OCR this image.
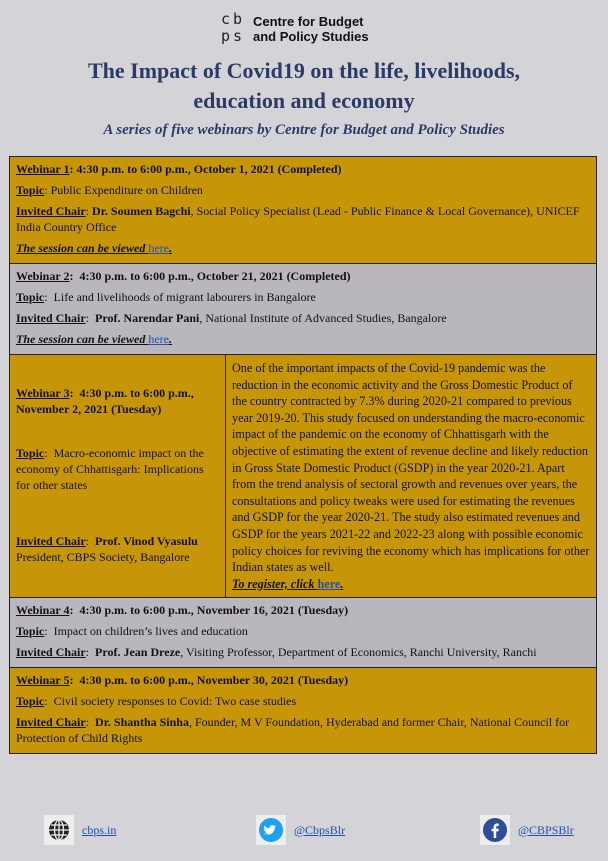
c b
p s
Centre for Budget
and Policy Studies
The Impact of Covid19 on the life, livelihoods,
education and economy
A series of five webinars by Centre for Budget and Policy Studies
Webinar 1: 4:30 p.m. to 6:00 p.m., October 1, 2021 (Completed)
Topic: Public Expenditure on Children
Invited Chair: Dr. Soumen Bagchi, Social Policy Specialist (Lead - Public Finance & Local Governance), UNICEF India Country Office
The session can be viewed here.
Webinar 2:  4:30 p.m. to 6:00 p.m., October 21, 2021 (Completed)
Topic:  Life and livelihoods of migrant labourers in Bangalore
Invited Chair:  Prof. Narendar Pani, National Institute of Advanced Studies, Bangalore
The session can be viewed here.
Webinar 3:  4:30 p.m. to 6:00 p.m., November 2, 2021 (Tuesday)
Topic:  Macro-economic impact on the economy of Chhattisgarh: Implications for other states
Invited Chair:  Prof. Vinod Vyasulu
President, CBPS Society, Bangalore
One of the important impacts of the Covid-19 pandemic was the reduction in the economic activity and the Gross Domestic Product of the country contracted by 7.3% during 2020-21 compared to previous year 2019-20. This study focused on understanding the macro-economic impact of the pandemic on the economy of Chhattisgarh with the objective of estimating the extent of revenue decline and likely reduction in Gross State Domestic Product (GSDP) in the year 2020-21. Apart from the trend analysis of sectoral growth and revenues over years, the consultations and policy tweaks were used for estimating the revenues and GSDP for the year 2020-21. The study also estimated revenues and GSDP for the years 2021-22 and 2022-23 along with possible economic policy choices for reviving the economy which has implications for other Indian states as well.
To register, click here.
Webinar 4:  4:30 p.m. to 6:00 p.m., November 16, 2021 (Tuesday)
Topic:  Impact on children’s lives and education
Invited Chair:  Prof. Jean Dreze, Visiting Professor, Department of Economics, Ranchi University, Ranchi
Webinar 5:  4:30 p.m. to 6:00 p.m., November 30, 2021 (Tuesday)
Topic:  Civil society responses to Covid: Two case studies
Invited Chair:  Dr. Shantha Sinha, Founder, M V Foundation, Hyderabad and former Chair, National Council for Protection of Child Rights
cbps.in	@CbpsBlr	@CBPSBlr
